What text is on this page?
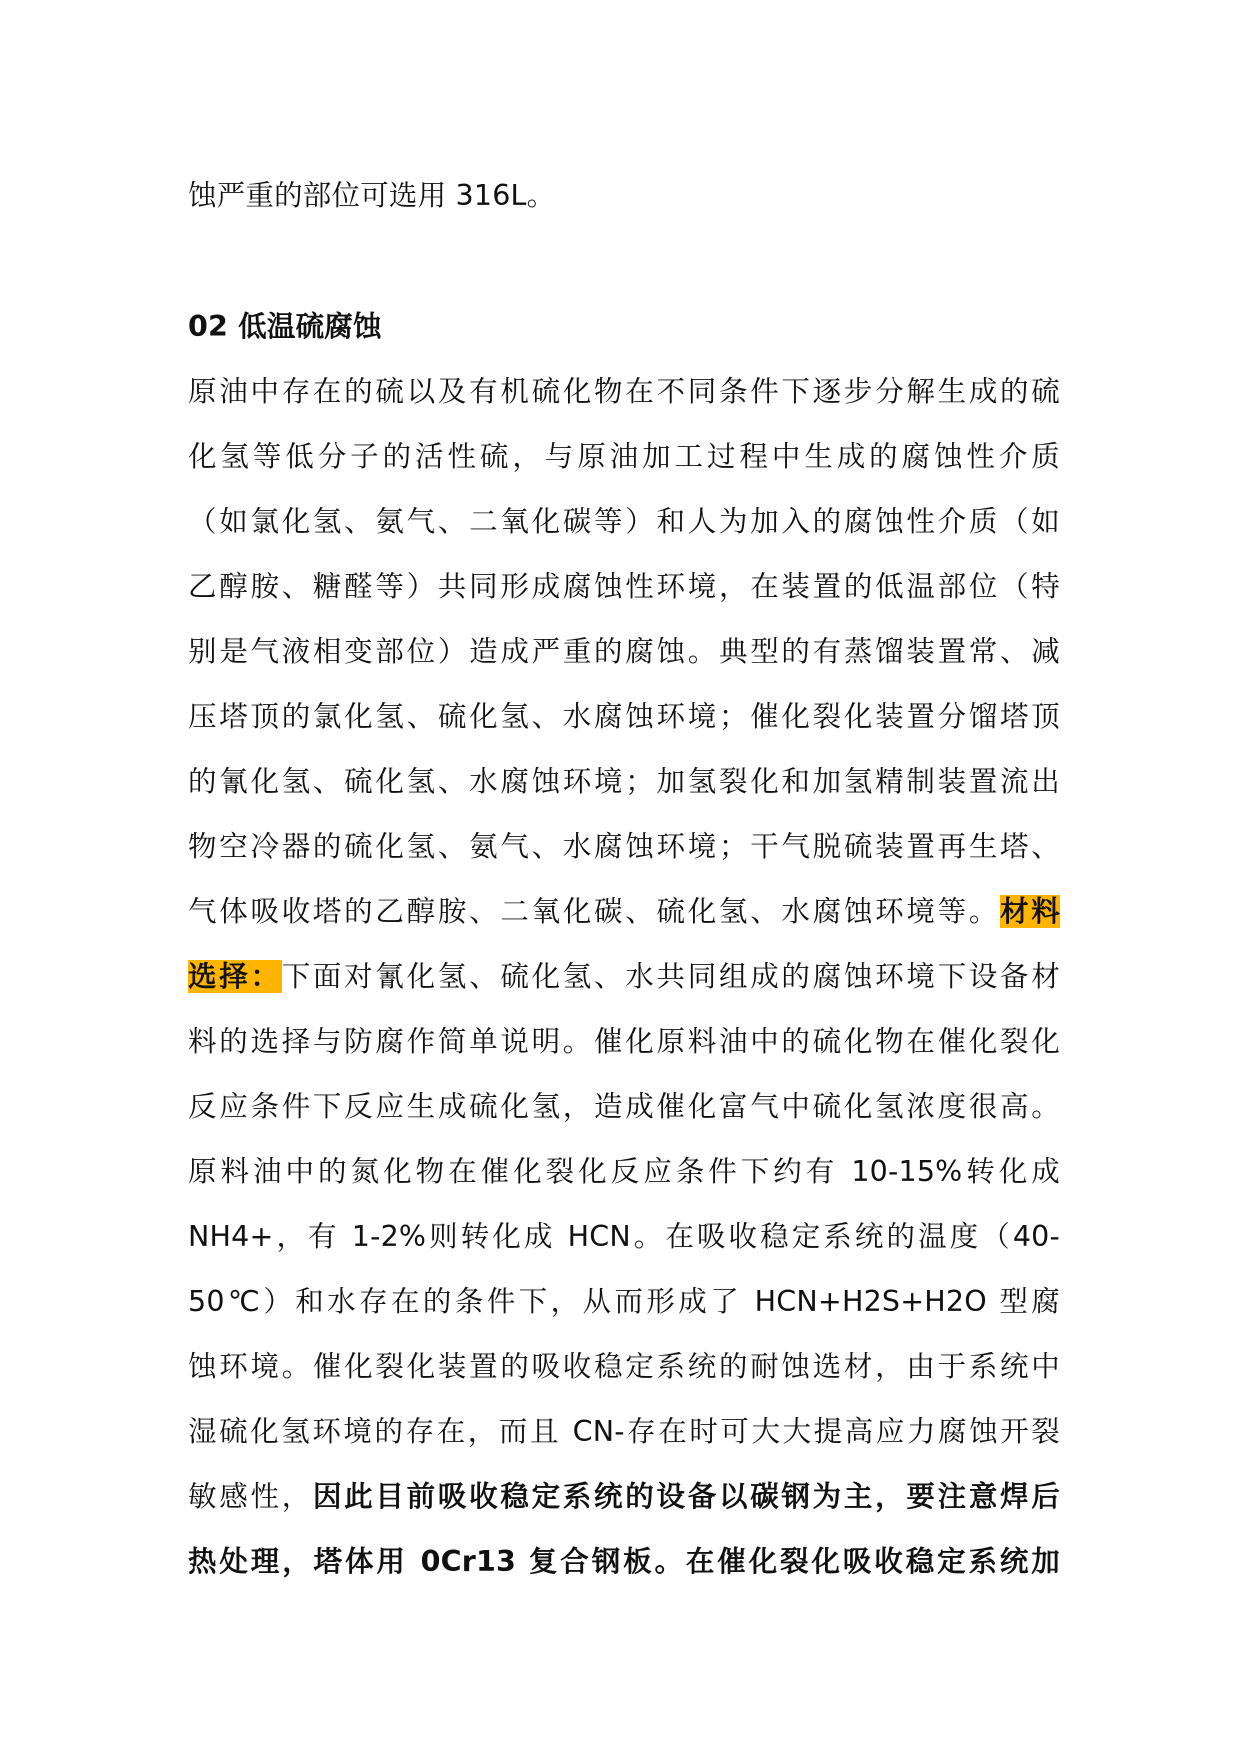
蚀严重的部位可选用 316L。
02 低温硫腐蚀
原油中存在的硫以及有机硫化物在不同条件下逐步分解生成的硫
化氢等低分子的活性硫，与原油加工过程中生成的腐蚀性介质
（如氯化氢、氨气、二氧化碳等）和人为加入的腐蚀性介质（如
乙醇胺、糖醛等）共同形成腐蚀性环境，在装置的低温部位（特
别是气液相变部位）造成严重的腐蚀。典型的有蒸馏装置常、减
压塔顶的氯化氢、硫化氢、水腐蚀环境；催化裂化装置分馏塔顶
的氰化氢、硫化氢、水腐蚀环境；加氢裂化和加氢精制装置流出
物空冷器的硫化氢、氨气、水腐蚀环境；干气脱硫装置再生塔、
气体吸收塔的乙醇胺、二氧化碳、硫化氢、水腐蚀环境等。材料
选择：下面对氰化氢、硫化氢、水共同组成的腐蚀环境下设备材
料的选择与防腐作简单说明。催化原料油中的硫化物在催化裂化
反应条件下反应生成硫化氢，造成催化富气中硫化氢浓度很高。
原料油中的氮化物在催化裂化反应条件下约有 10-15%转化成
NH4+，有 1-2%则转化成 HCN。在吸收稳定系统的温度（40-
50℃）和水存在的条件下，从而形成了 HCN+H2S+H2O 型腐
蚀环境。催化裂化装置的吸收稳定系统的耐蚀选材，由于系统中
湿硫化氢环境的存在，而且 CN-存在时可大大提高应力腐蚀开裂
敏感性，因此目前吸收稳定系统的设备以碳钢为主，要注意焊后
热处理，塔体用 0Cr13 复合钢板。在催化裂化吸收稳定系统加
